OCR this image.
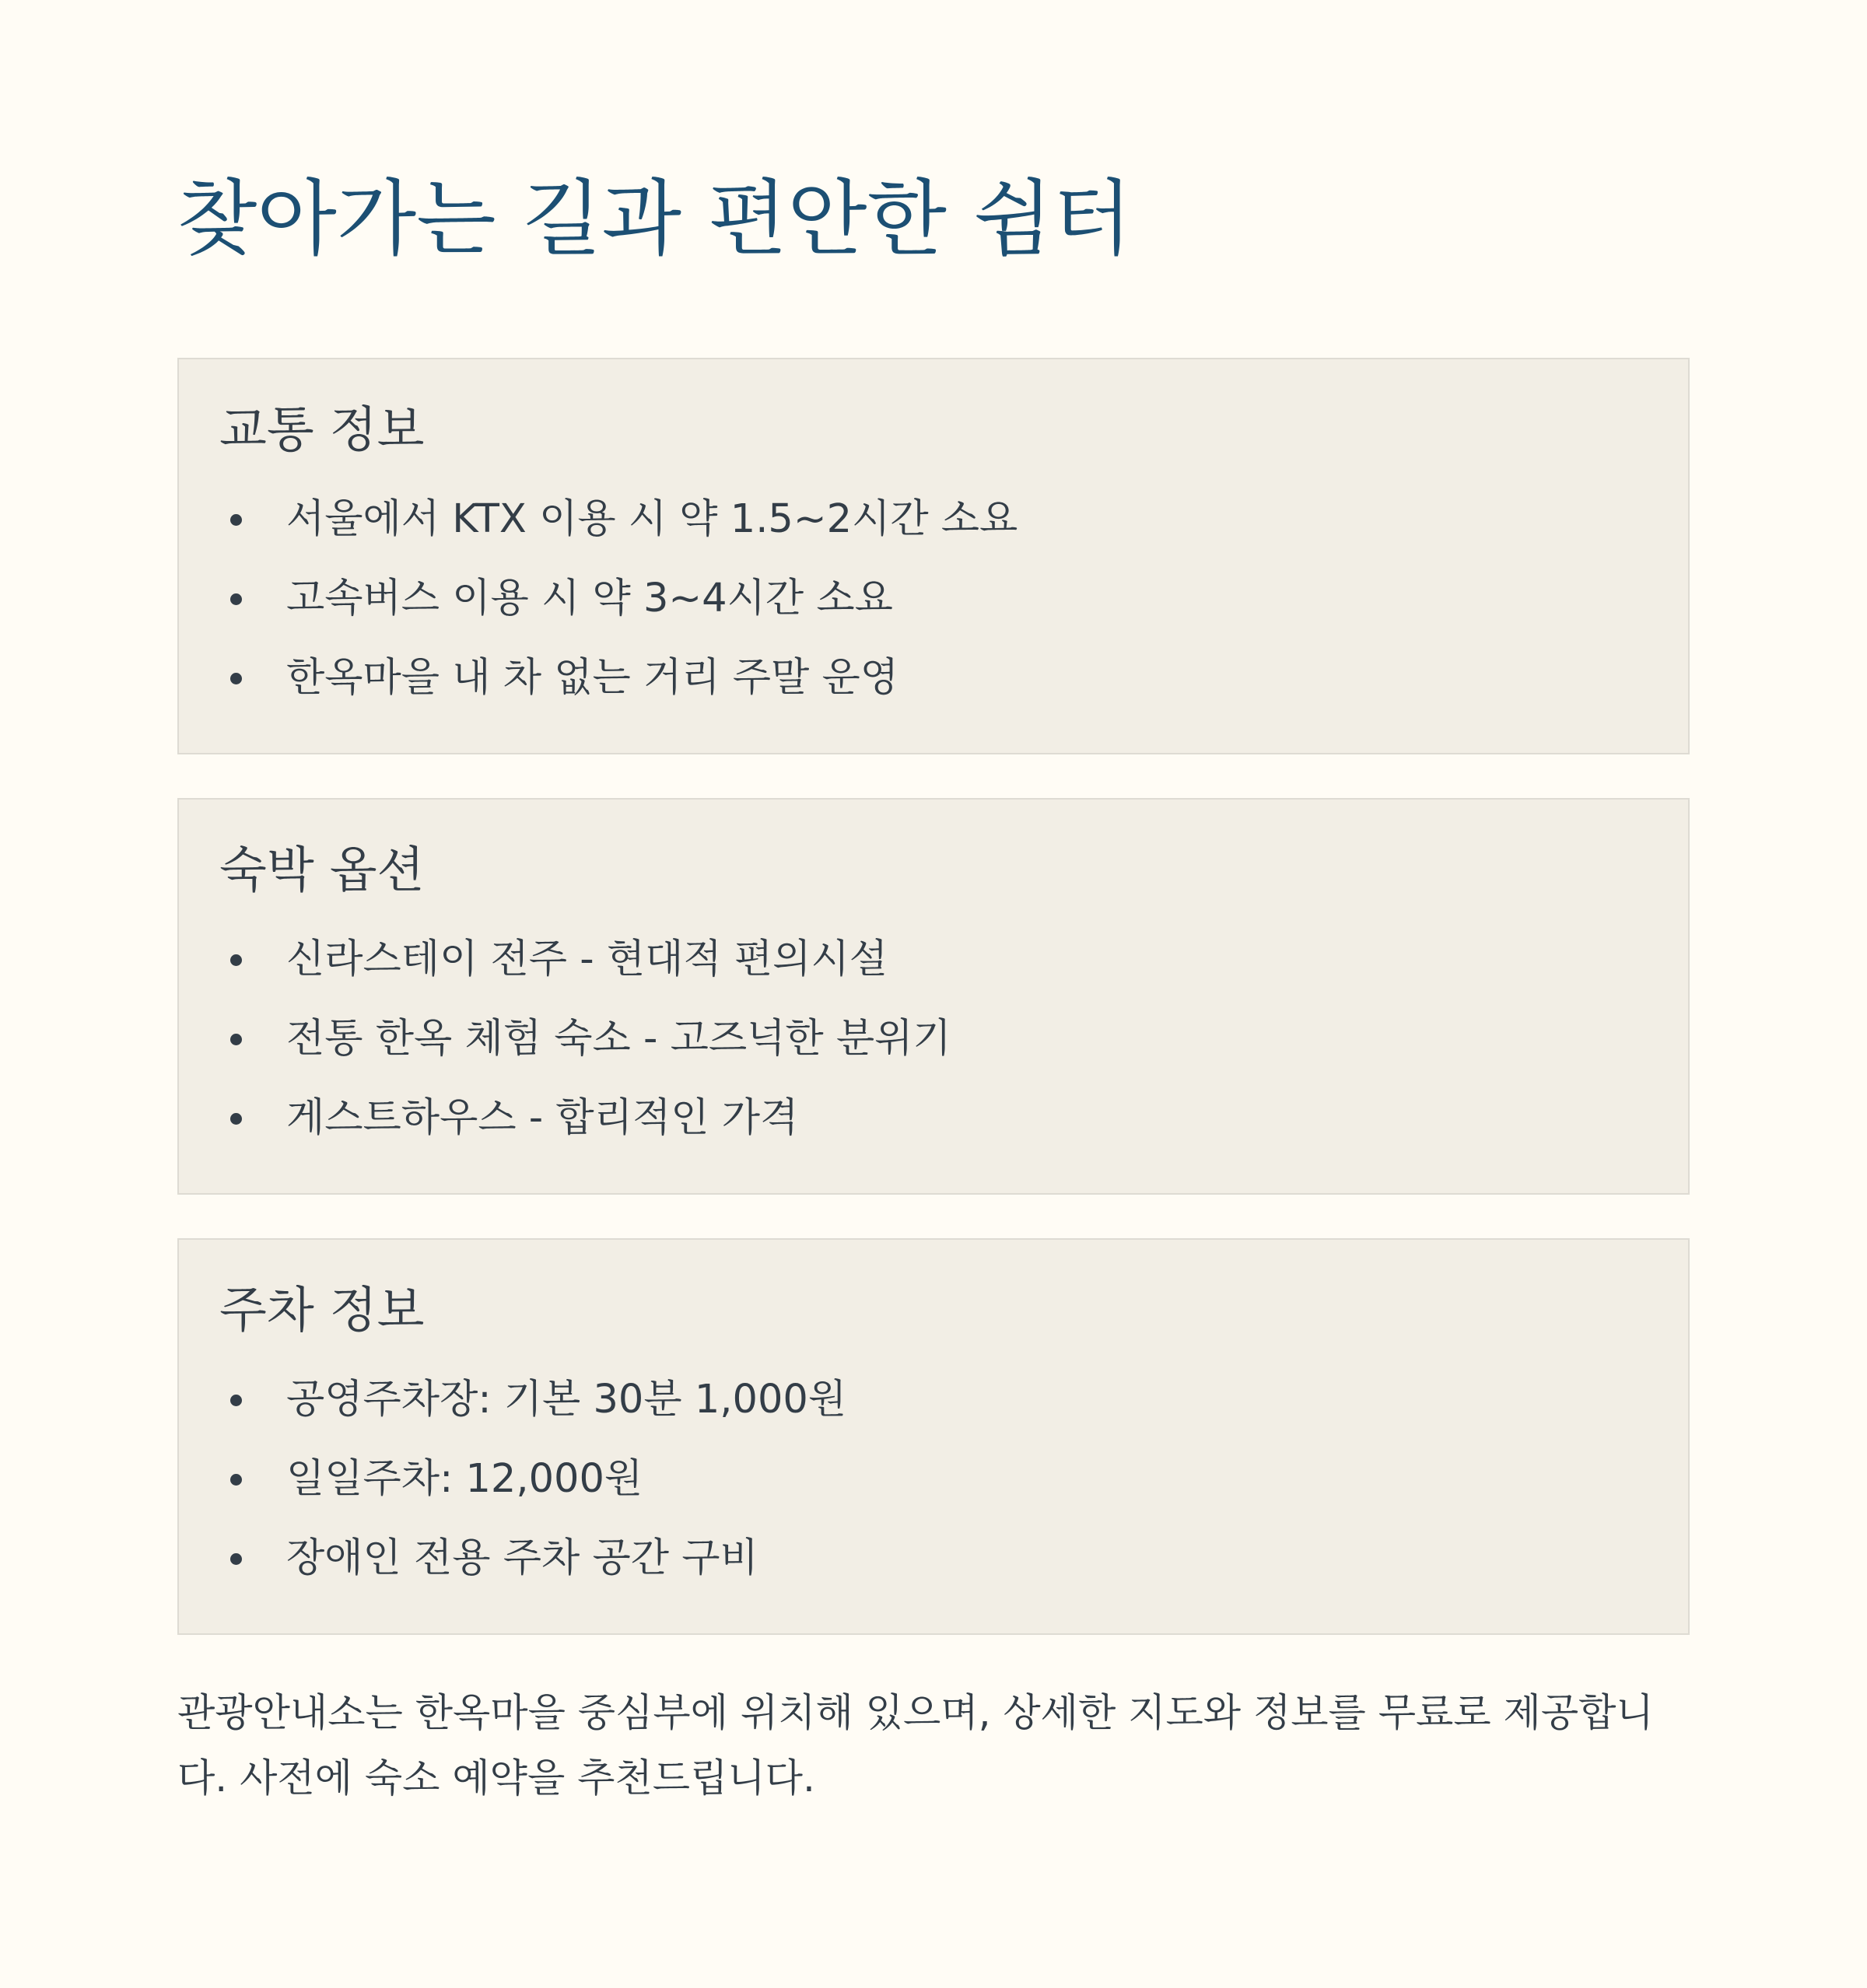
찾아가는 길과 편안한 쉼터
교통 정보
서울에서 KTX 이용 시 약 1.5~2시간 소요
고속버스 이용 시 약 3~4시간 소요
한옥마을 내 차 없는 거리 주말 운영
숙박 옵션
신라스테이 전주 - 현대적 편의시설
전통 한옥 체험 숙소 - 고즈넉한 분위기
게스트하우스 - 합리적인 가격
주차 정보
공영주차장: 기본 30분 1,000원
일일주차: 12,000원
장애인 전용 주차 공간 구비

관광안내소는 한옥마을 중심부에 위치해 있으며, 상세한 지도와 정보를 무료로 제공합니다. 사전에 숙소 예약을 추천드립니다.
